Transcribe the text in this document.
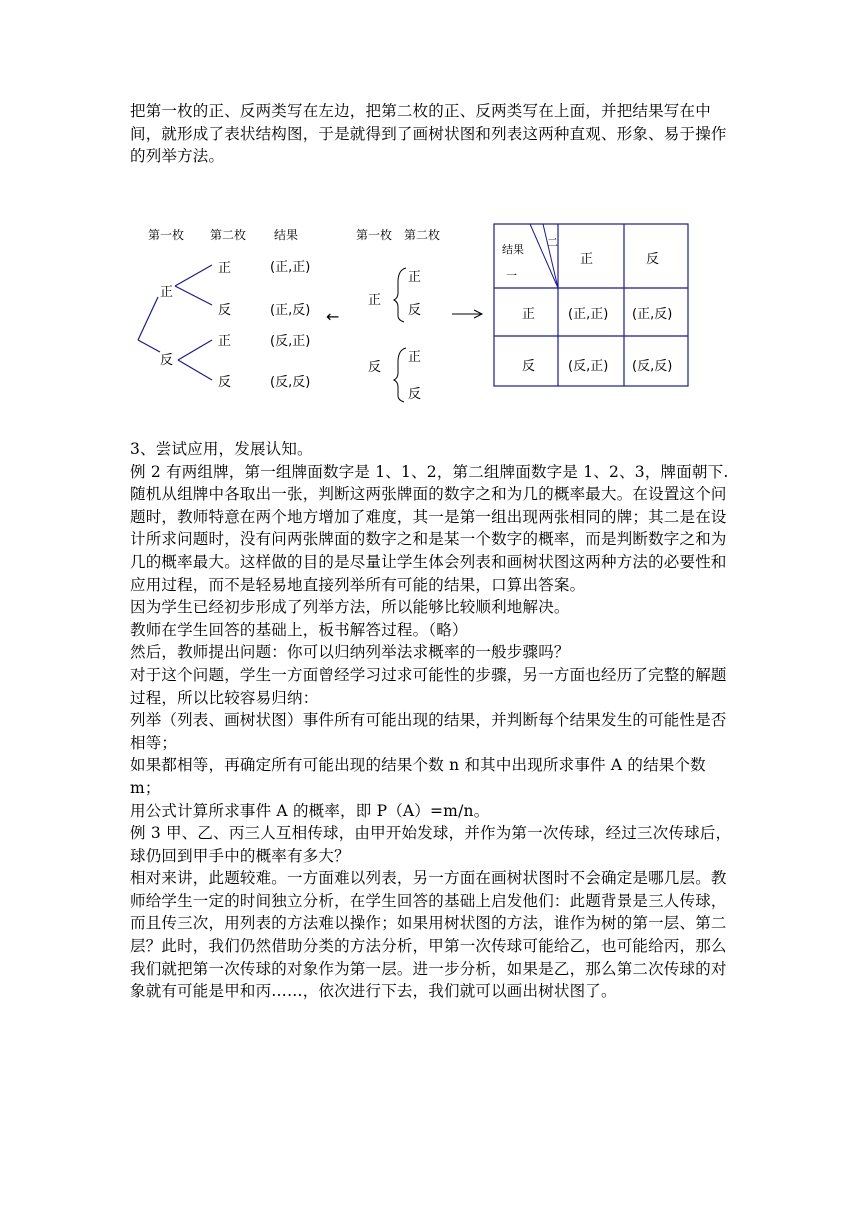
把第一枚的正、反两类写在左边，把第二枚的正、反两类写在上面，并把结果写在中间，就形成了表状结构图，于是就得到了画树状图和列表这两种直观、形象、易于操作的列举方法。
第一枚 第二枚 结果
正
反
正
反
正
反
(正,正)
(正,反)
(反,正)
(反,反)
←
第一枚 第二枚
正
反
正
反
正
反
结果
二
一
正	反
正
反
(正,正) (正,反)
(反,正) (反,反)

3、尝试应用，发展认知。

例 2 有两组牌，第一组牌面数字是 1、1、2，第二组牌面数字是 1、2、3，牌面朝下.随机从组牌中各取出一张，判断这两张牌面的数字之和为几的概率最大。在设置这个问题时，教师特意在两个地方增加了难度，其一是第一组出现两张相同的牌；其二是在设计所求问题时，没有问两张牌面的数字之和是某一个数字的概率，而是判断数字之和为几的概率最大。这样做的目的是尽量让学生体会列表和画树状图这两种方法的必要性和应用过程，而不是轻易地直接列举所有可能的结果，口算出答案。

因为学生已经初步形成了列举方法，所以能够比较顺利地解决。

教师在学生回答的基础上，板书解答过程。（略）

然后，教师提出问题：你可以归纳列举法求概率的一般步骤吗？

对于这个问题，学生一方面曾经学习过求可能性的步骤，另一方面也经历了完整的解题过程，所以比较容易归纳：

列举（列表、画树状图）事件所有可能出现的结果，并判断每个结果发生的可能性是否相等；

如果都相等，再确定所有可能出现的结果个数 n 和其中出现所求事件 A 的结果个数 m；

用公式计算所求事件 A 的概率，即 P（A）=m/n。

例 3 甲、乙、丙三人互相传球，由甲开始发球，并作为第一次传球，经过三次传球后，球仍回到甲手中的概率有多大？

相对来讲，此题较难。一方面难以列表，另一方面在画树状图时不会确定是哪几层。教师给学生一定的时间独立分析，在学生回答的基础上启发他们：此题背景是三人传球，而且传三次，用列表的方法难以操作；如果用树状图的方法，谁作为树的第一层、第二层？此时，我们仍然借助分类的方法分析，甲第一次传球可能给乙，也可能给丙，那么我们就把第一次传球的对象作为第一层。进一步分析，如果是乙，那么第二次传球的对象就有可能是甲和丙……，依次进行下去，我们就可以画出树状图了。
